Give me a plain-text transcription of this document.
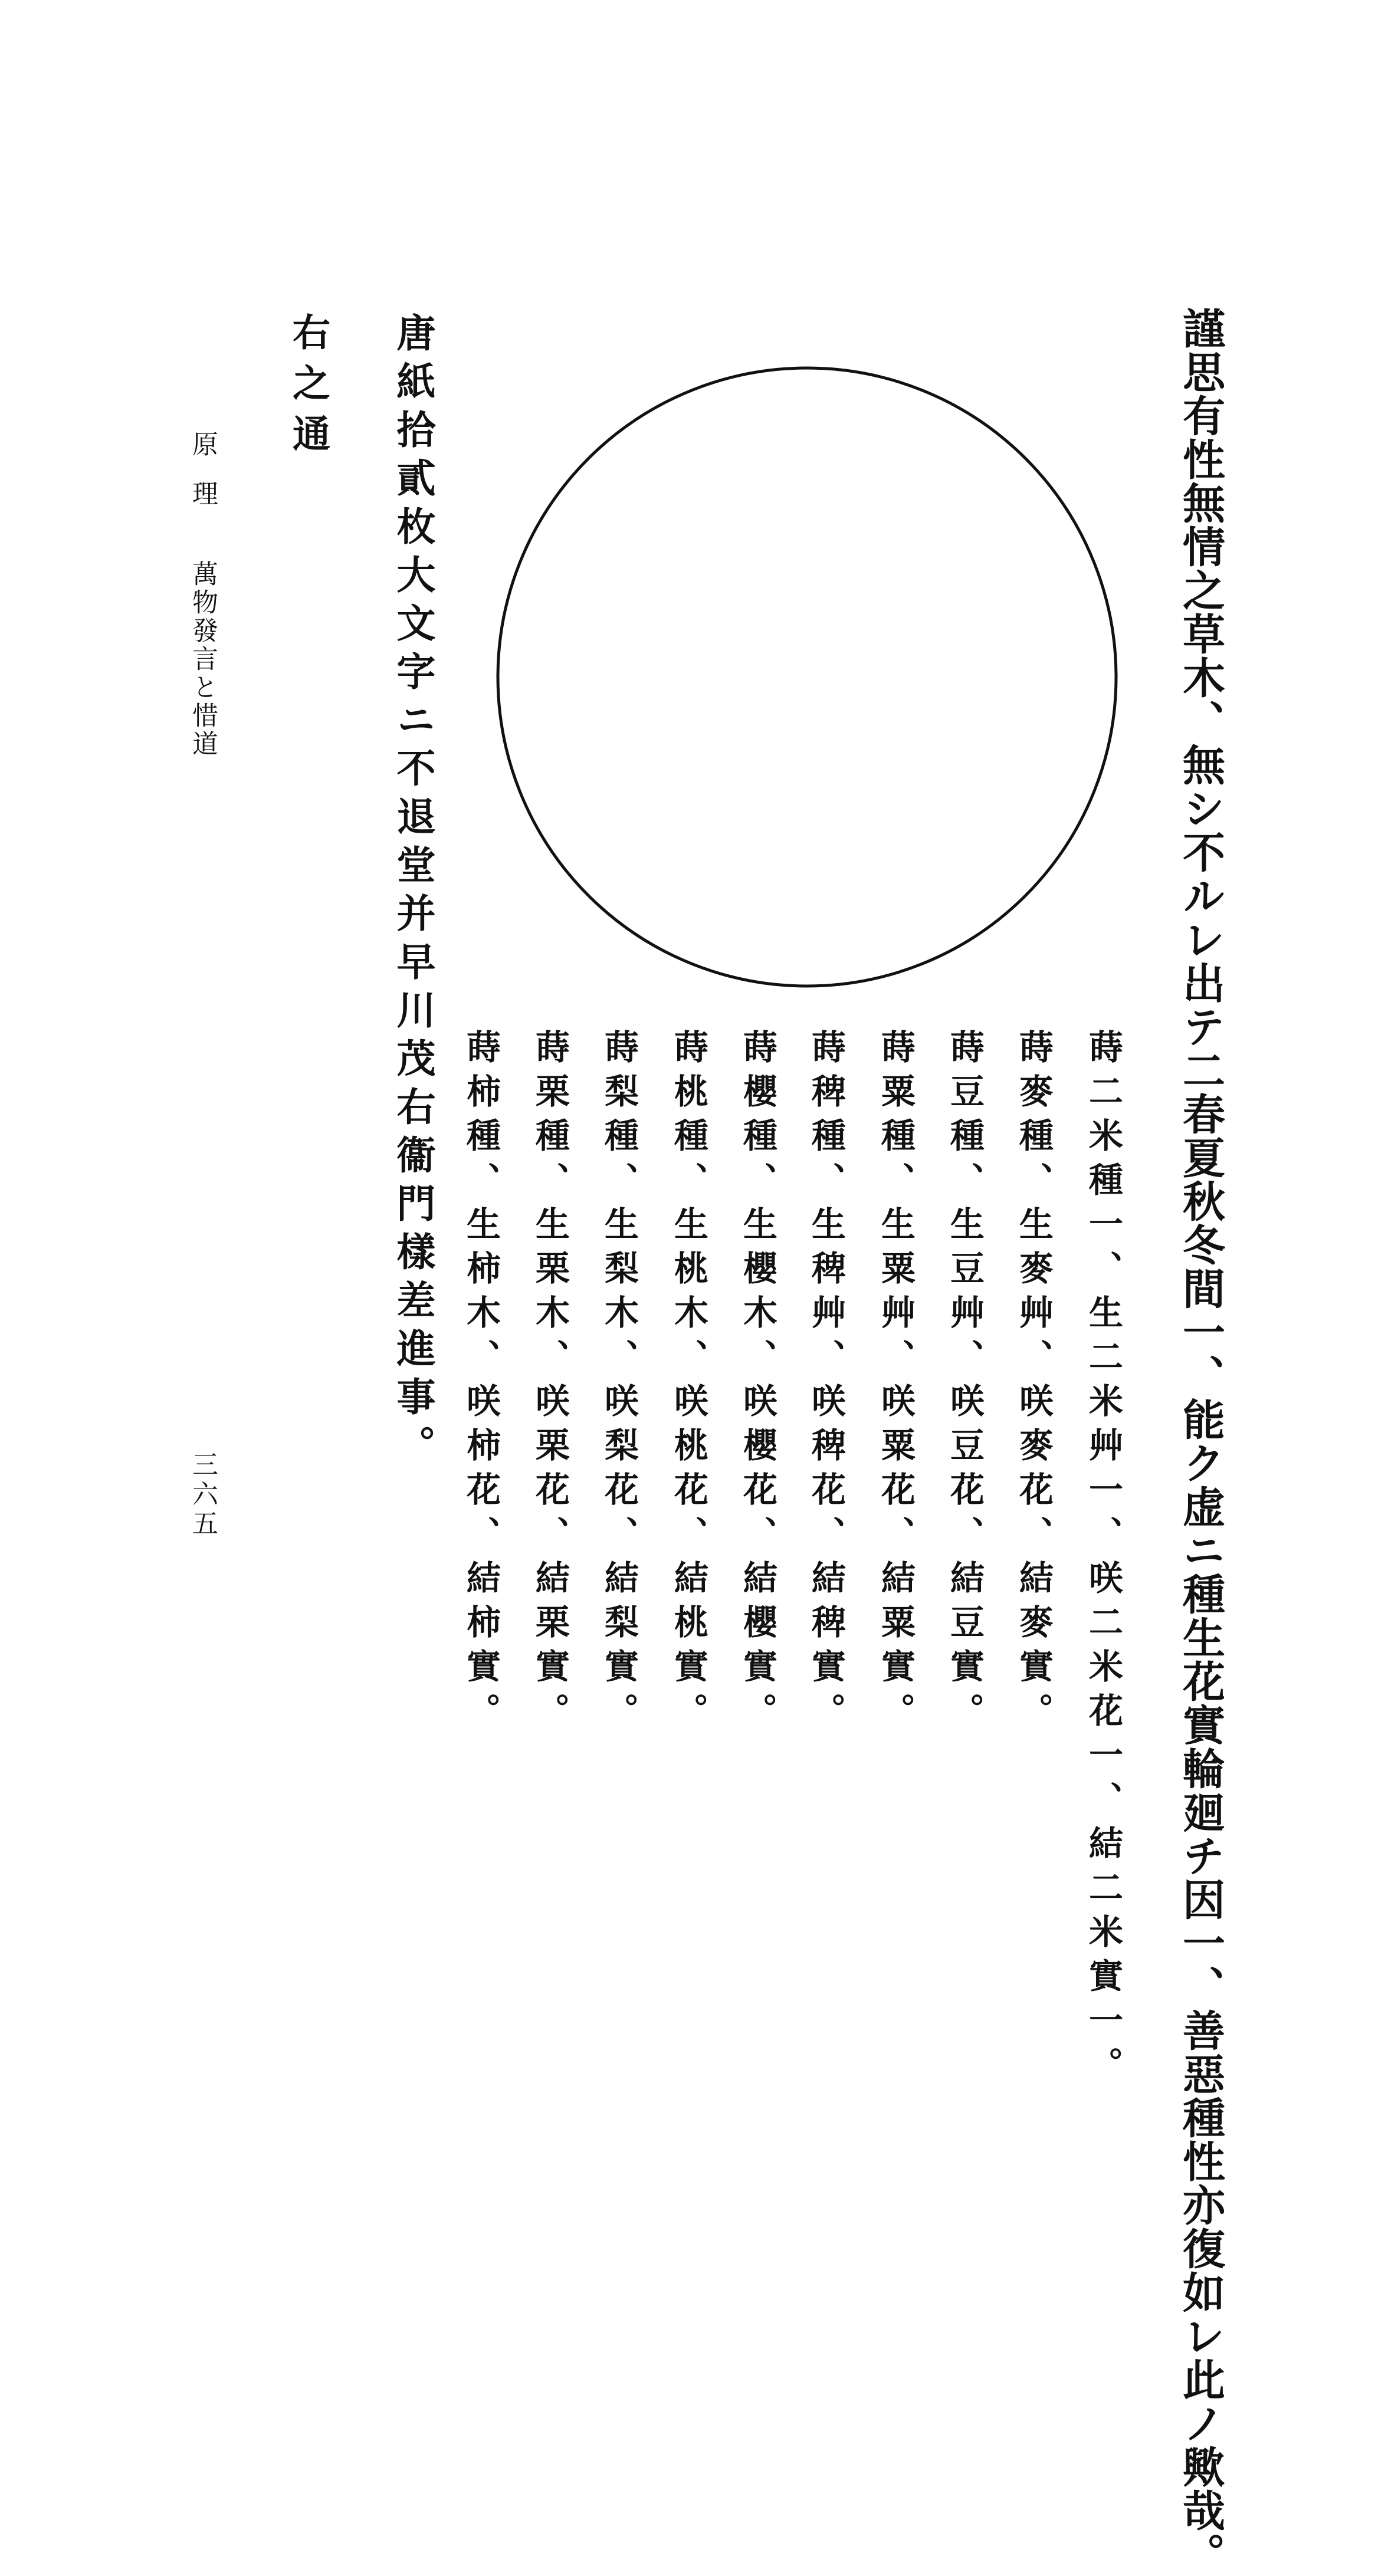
謹思有性無情之草木、無シ不ルレ出テ二春夏秋冬間一、能ク虚ニ種生花實輪廻チ因一、善惡種性亦復如レ此ノ歟哉。

蒔二米種一、生二米艸一、咲二米花一、結二米實一。

蒔麥種、生麥艸、咲麥花、結麥實。

蒔豆種、生豆艸、咲豆花、結豆實。

蒔粟種、生粟艸、咲粟花、結粟實。

蒔稗種、生稗艸、咲稗花、結稗實。

蒔櫻種、生櫻木、咲櫻花、結櫻實。

蒔桃種、生桃木、咲桃花、結桃實。

蒔梨種、生梨木、咲梨花、結梨實。

蒔栗種、生栗木、咲栗花、結栗實。

蒔柿種、生柿木、咲柿花、結柿實。

唐紙拾貳枚大文字ニ不退堂并早川茂右衞門樣差進事。

右之通

原理

萬物發言と惜道

三六五
